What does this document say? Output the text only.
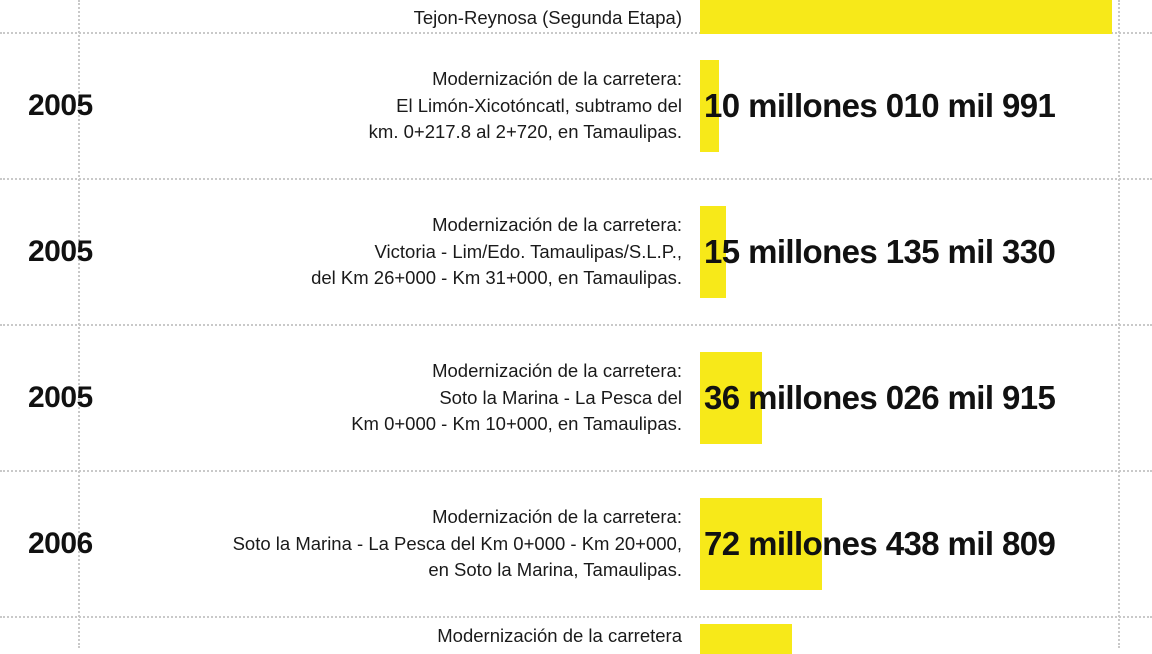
Tejon-Reynosa (Segunda Etapa)
2005
Modernización de la carretera:
El Limón-Xicotóncatl, subtramo del
km. 0+217.8 al 2+720, en Tamaulipas.
10 millones 010 mil 991
2005
Modernización de la carretera:
Victoria - Lim/Edo. Tamaulipas/S.L.P.,
del Km 26+000 - Km 31+000, en Tamaulipas.
15 millones 135 mil 330
2005
Modernización de la carretera:
Soto la Marina - La Pesca del
Km 0+000 - Km 10+000, en Tamaulipas.
36 millones 026 mil 915
2006
Modernización de la carretera:
Soto la Marina - La Pesca del Km 0+000 - Km 20+000,
en Soto la Marina, Tamaulipas.
72 millones 438 mil 809
Modernización de la carretera
